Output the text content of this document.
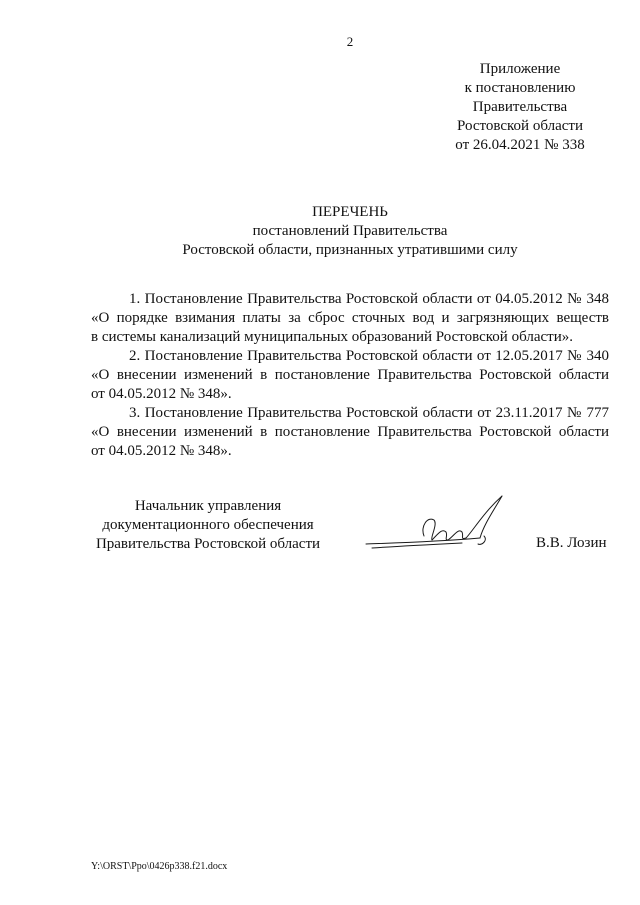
2
Приложение
к постановлению
Правительства
Ростовской области
от 26.04.2021 № 338
ПЕРЕЧЕНЬ
постановлений Правительства
Ростовской области, признанных утратившими силу
1. Постановление Правительства Ростовской области от 04.05.2012 № 348
«О порядке взимания платы за сброс сточных вод и загрязняющих веществ
в системы канализаций муниципальных образований Ростовской области».
2. Постановление Правительства Ростовской области от 12.05.2017 № 340
«О внесении изменений в постановление Правительства Ростовской области
от 04.05.2012 № 348».
3. Постановление Правительства Ростовской области от 23.11.2017 № 777
«О внесении изменений в постановление Правительства Ростовской области
от 04.05.2012 № 348».
Начальник управления
документационного обеспечения
Правительства Ростовской области	В.В. Лозин
Y:\ORST\Ppo\0426p338.f21.docx
